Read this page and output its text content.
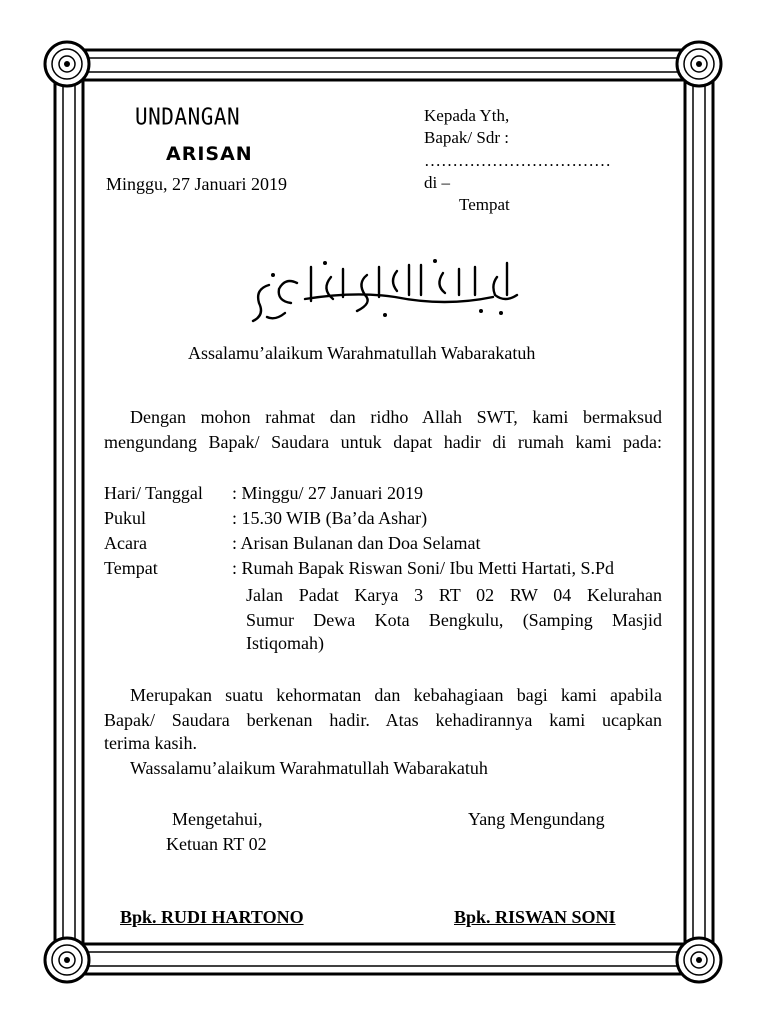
UNDANGAN

ARISAN

Minggu, 27 Januari 2019

Kepada Yth,

Bapak/ Sdr :

……………………………

di –

Tempat

Assalamu’alaikum Warahmatullah Wabarakatuh

Dengan mohon rahmat dan ridho Allah SWT, kami bermaksud

mengundang Bapak/ Saudara untuk dapat hadir di rumah kami pada:

Hari/ Tanggal : Minggu/ 27 Januari 2019

Pukul	: 15.30 WIB (Ba’da Ashar)

Acara	: Arisan Bulanan dan Doa Selamat

Tempat	: Rumah Bapak Riswan Soni/ Ibu Metti Hartati, S.Pd

Jalan Padat Karya 3 RT 02 RW 04 Kelurahan

Sumur Dewa Kota Bengkulu, (Samping Masjid

Istiqomah)

Merupakan suatu kehormatan dan kebahagiaan bagi kami apabila

Bapak/ Saudara berkenan hadir. Atas kehadirannya kami ucapkan

terima kasih.

Wassalamu’alaikum Warahmatullah Wabarakatuh

Mengetahui,

Ketuan RT 02

Yang Mengundang

Bpk. RUDI HARTONO	Bpk. RISWAN SONI
